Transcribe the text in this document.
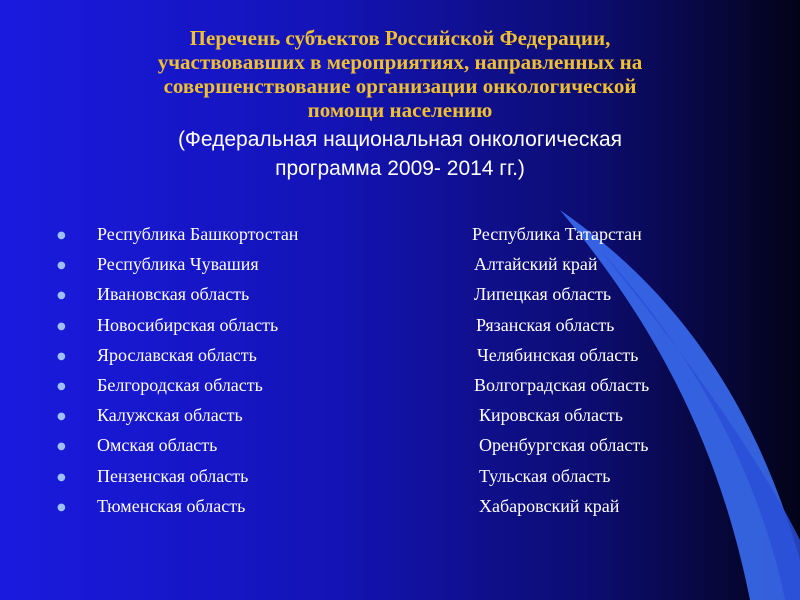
Перечень субъектов Российской Федерации,
участвовавших в мероприятиях, направленных на
совершенствование организации онкологической
помощи населению
(Федеральная национальная онкологическая
программа 2009- 2014 гг.)
● Республика Башкортостан	Республика Татарстан
● Республика Чувашия	Алтайский край
● Ивановская область	Липецкая область
● Новосибирская область	Рязанская область
● Ярославская область	Челябинская область
● Белгородская область	Волгоградская область
● Калужская область	Кировская область
● Омская область	Оренбургская область
● Пензенская область	Тульская область
● Тюменская область	Хабаровский край
